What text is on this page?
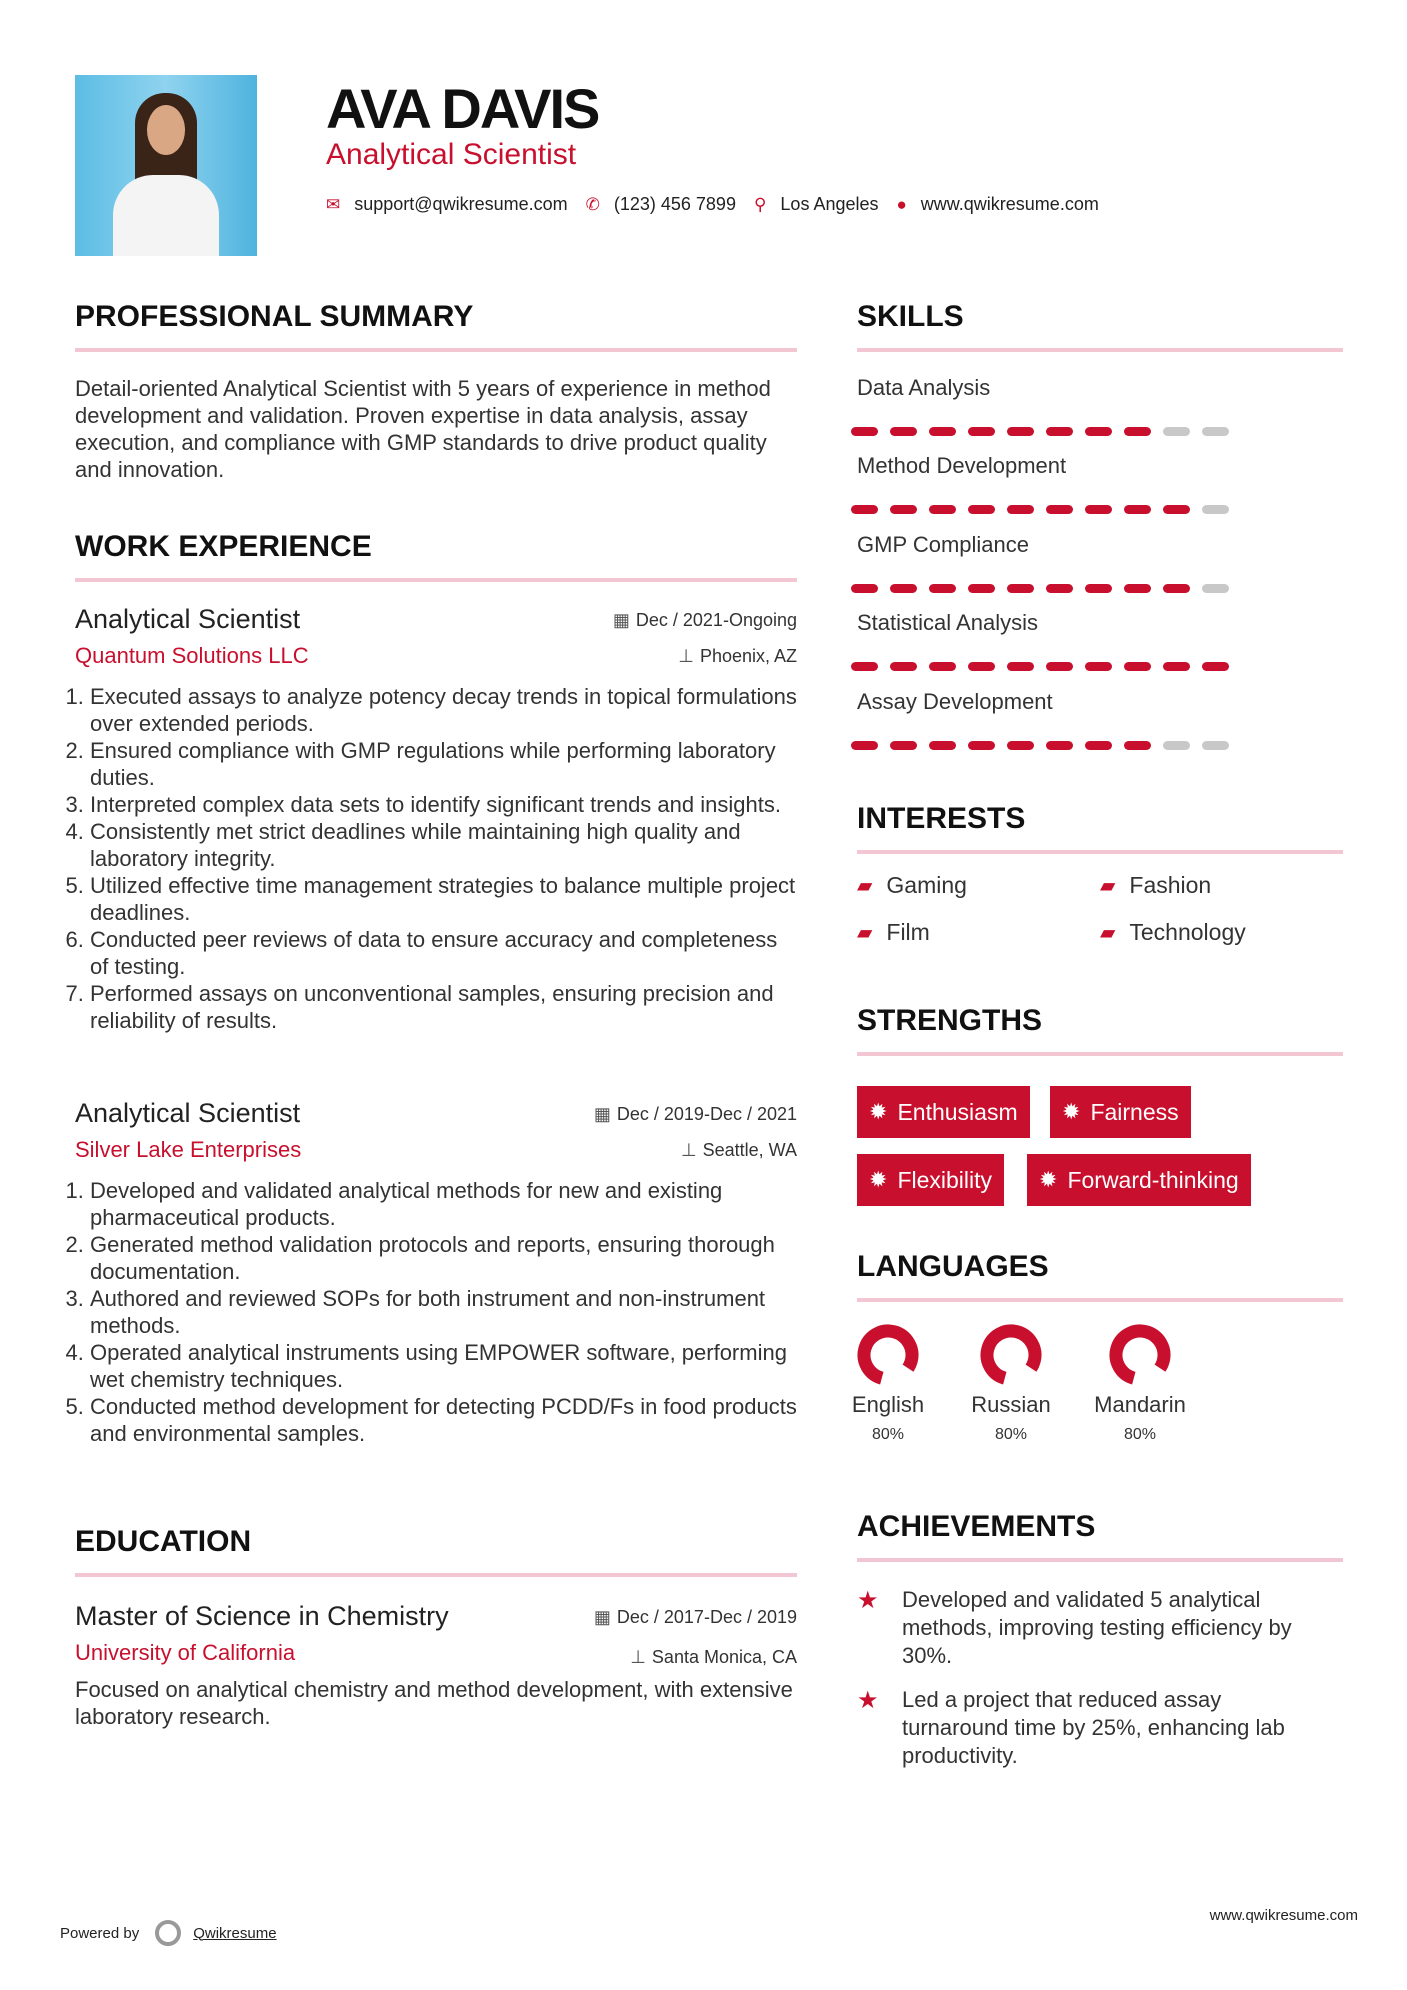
AVA DAVIS
Analytical Scientist
✉ support@qwikresume.com ✆ (123) 456 7899 ⚲ Los Angeles ● www.qwikresume.com
PROFESSIONAL SUMMARY
Detail-oriented Analytical Scientist with 5 years of experience in method development and validation. Proven expertise in data analysis, assay execution, and compliance with GMP standards to drive product quality and innovation.
WORK EXPERIENCE
Analytical Scientist	▦ Dec / 2021-Ongoing
Quantum Solutions LLC	⊥ Phoenix, AZ
1. Executed assays to analyze potency decay trends in topical formulations over extended periods.
2. Ensured compliance with GMP regulations while performing laboratory duties.
3. Interpreted complex data sets to identify significant trends and insights.
4. Consistently met strict deadlines while maintaining high quality and laboratory integrity.
5. Utilized effective time management strategies to balance multiple project deadlines.
6. Conducted peer reviews of data to ensure accuracy and completeness of testing.
7. Performed assays on unconventional samples, ensuring precision and reliability of results.
Analytical Scientist	▦ Dec / 2019-Dec / 2021
Silver Lake Enterprises	⊥ Seattle, WA
1. Developed and validated analytical methods for new and existing pharmaceutical products.
2. Generated method validation protocols and reports, ensuring thorough documentation.
3. Authored and reviewed SOPs for both instrument and non-instrument methods.
4. Operated analytical instruments using EMPOWER software, performing wet chemistry techniques.
5. Conducted method development for detecting PCDD/Fs in food products and environmental samples.
EDUCATION
Master of Science in Chemistry	▦ Dec / 2017-Dec / 2019
University of California	⊥ Santa Monica, CA
Focused on analytical chemistry and method development, with extensive laboratory research.
SKILLS
Data Analysis
Method Development
GMP Compliance
Statistical Analysis
Assay Development
INTERESTS
▰ Gaming	▰ Fashion
▰ Film	▰ Technology
STRENGTHS
✹ Enthusiasm ✹ Fairness
✹ Flexibility ✹ Forward-thinking
LANGUAGES
English
80%
Russian
80%
Mandarin
80%
ACHIEVEMENTS
★	Developed and validated 5 analytical methods, improving testing efficiency by 30%.
★	Led a project that reduced assay turnaround time by 25%, enhancing lab productivity.
Powered by	Qwikresume
www.qwikresume.com
